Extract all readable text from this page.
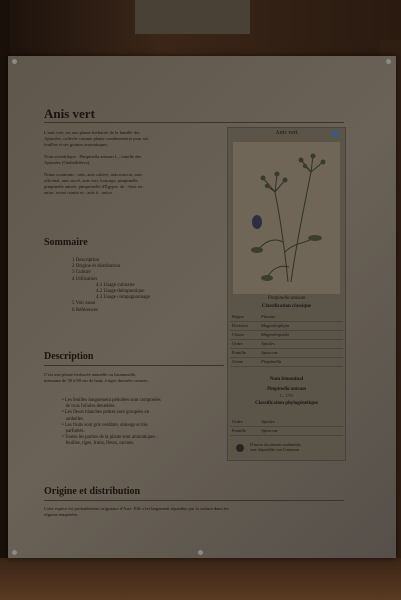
Anis vert
L'anis vert, est une plante herbacée de la famille des
Apiacées, cultivée comme plante condimentaire pour ses
feuilles et ses graines aromatiques.

Nom scientifique : Pimpinella anisum L., famille des
Apiacées (Ombellifères).

Noms communs : anis, anis cultivé, anis muscat, anis
officinal, anis sucré, anis vert, boucage, pimpinelle,
pimpinelle anisée, pimprenelle d'Égypte. de : Anis en :
anise, sweet cumin es : anís it : anice.
Sommaire
1 Description
2 Origine et distribution
3 Culture
4 Utilisation
4.1 Usage culinaire
4.2 Usage thérapeutique
4.3 Usage compagnonnage
5 Voir aussi
6 Références
Description
C'est une plante herbacée annuelle ou bisannuelle,
mesurant de 50 à 80 cm de haut, à tiges dressées creuses.
• Les feuilles longuement pétiolées sont composées
de trois folioles dentelées.
• Les fleurs blanches petites sont groupées en
ombelles.
• Les fruits sont gris verdâtre, oblongs et très
parfumés.
• Toutes les parties de la plante sont aromatiques :
feuilles, tiges, fruits, fleurs, racines.
Origine et distribution
Cette espèce est probablement originaire d'Asie. Elle s'est largement répandue par la culture dans les
régions tempérées.
Anis vert
Pimpinella anisum
Classification classique
Règne	Plantae
Division	Magnoliophyta
Classe	Magnoliopsida
Ordre	Apiales
Famille	Apiaceae
Genre	Pimpinella
Nom binominal
Pimpinella anisum
L., 1753
Classification phylogénétique
Ordre	Apiales
Famille	Apiaceae
D'autres documents multimédia
sont disponibles sur Commons
